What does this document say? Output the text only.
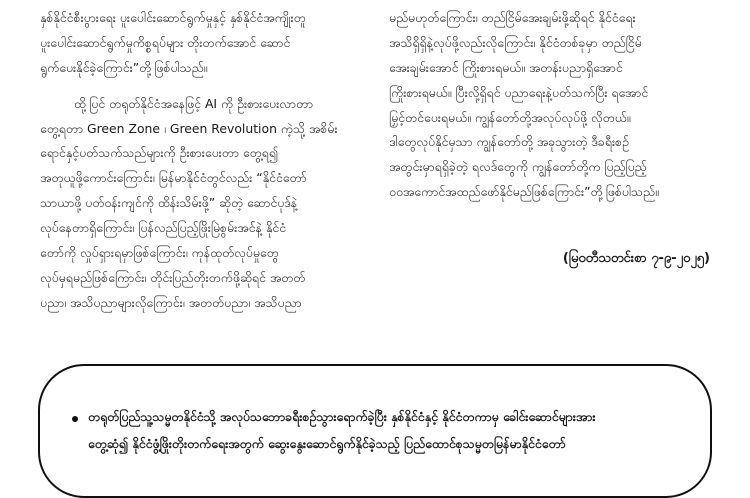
နှစ်နိုင်ငံစီးပွားရေး ပူးပေါင်းဆောင်ရွက်မှုနှင့် နှစ်နိုင်ငံအကျိုးတူ
ပူးပေါင်းဆောင်ရွက်မှုကိစ္စရပ်များ တိုးတက်အောင် ဆောင်
ရွက်ပေးနိုင်ခဲ့ကြောင်း”တို့ဖြစ်ပါသည်။
ထို့ပြင် တရုတ်နိုင်ငံအနေဖြင့် AI ကို ဦးစားပေးလာတာ
တွေ့ရတာ Green Zone ၊ Green Revolution ကဲ့သို့ အစိမ်း
ရောင်နှင့်ပတ်သက်သည်များကို ဦးစားပေးတာ တွေ့ရ၍
အတုယူဖို့ကောင်းကြောင်း၊ မြန်မာနိုင်ငံတွင်လည်း “နိုင်ငံတော်
သာယာဖို့ ပတ်ဝန်းကျင်ကို ထိန်းသိမ်းဖို့” ဆိုတဲ့ ဆောင်ပုဒ်နဲ့
လုပ်နေတာရှိကြောင်း၊ ပြန်လည်ပြည့်ဖြိုးမြဲစွမ်းအင်နဲ့ နိုင်ငံ
တော်ကို လှုပ်ရှားရမှာဖြစ်ကြောင်း၊ ကုန်ထုတ်လုပ်မှုတွေ
လုပ်မှရမည်ဖြစ်ကြောင်း၊ တိုင်းပြည်တိုးတက်ဖို့ဆိုရင် အတတ်
ပညာ၊ အသိပညာများလိုကြောင်း၊ အတတ်ပညာ၊ အသိပညာ
မည်မဟုတ်ကြောင်း၊ တည်ငြိမ်အေးချမ်းဖို့ဆိုရင် နိုင်ငံရေး
အသိရှိရှိနဲ့လုပ်ဖို့လည်းလိုကြောင်း၊ နိုင်ငံတစ်ခုမှာ တည်ငြိမ်
အေးချမ်းအောင် ကြိုးစားရမယ်။ အတန်းပညာရှိအောင်
ကြိုးစားရမယ်။ ပြီးလို့ရှိရင် ပညာရေးနဲ့ပတ်သက်ပြီး ရအောင်
မြှင့်တင်ပေးရမယ်။ ကျွန်တော်တို့အလုပ်လုပ်ဖို့ လိုတယ်။
ဒါတွေလုပ်နိုင်မှသာ ကျွန်တော်တို့ အခုသွားတဲ့ ဒီခရီးစဉ်
အတွင်းမှာရရှိခဲ့တဲ့ ရလဒ်တွေကို ကျွန်တော်တို့က ပြည့်ပြည့်
ဝဝအကောင်အထည်ဖော်နိုင်မည်ဖြစ်ကြောင်း”တို့ဖြစ်ပါသည်။
(မြဝတီသတင်းစာ ၇-၉-၂၀၂၅)
တရုတ်ပြည်သူ့သမ္မတနိုင်ငံသို့ အလုပ်သဘောခရီးစဉ်သွားရောက်ခဲ့ပြီး နှစ်နိုင်ငံနှင့် နိုင်ငံတကာမှ ခေါင်းဆောင်များအား
တွေ့ဆုံ၍ နိုင်ငံဖွံ့ဖြိုးတိုးတက်ရေးအတွက် ဆွေးနွေးဆောင်ရွက်နိုင်ခဲ့သည့် ပြည်ထောင်စုသမ္မတမြန်မာနိုင်ငံတော်
